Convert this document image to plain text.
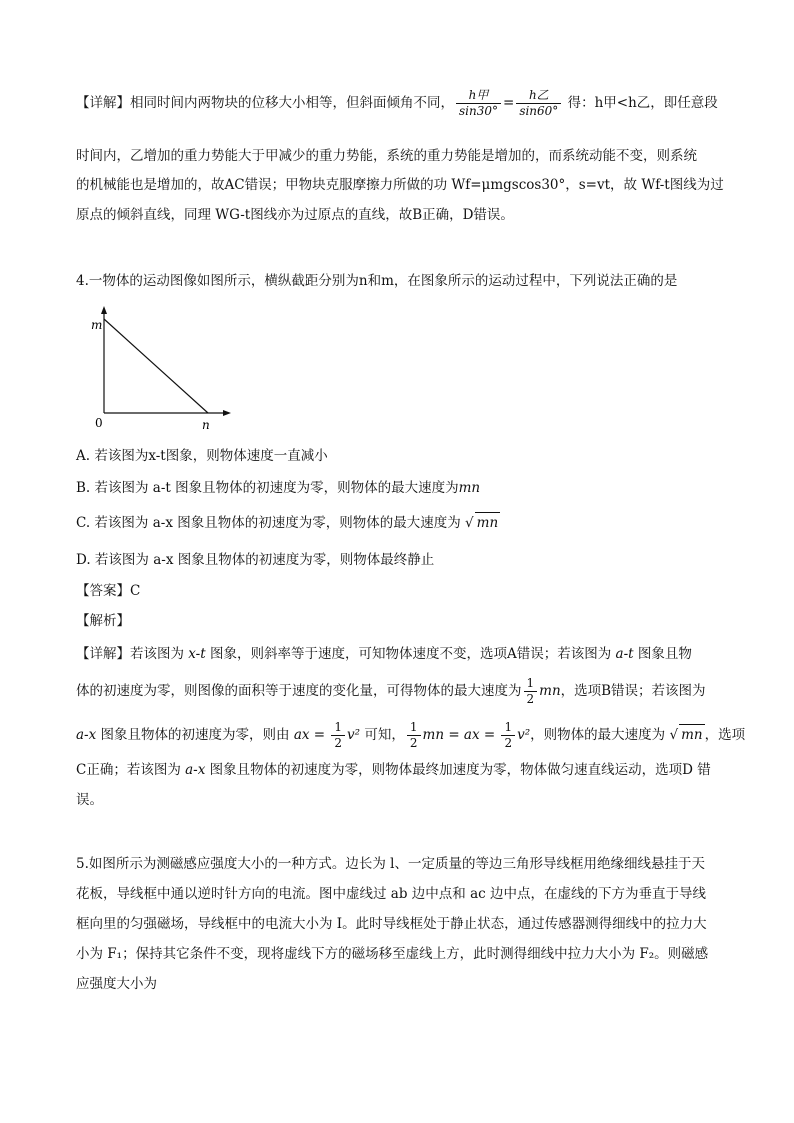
【详解】相同时间内两物块的位移大小相等，但斜面倾角不同， $\frac{\text{h甲}}{\sin 30^\circ} = \frac{\text{h乙}}{\sin 60^\circ}$ 得：h甲<h乙，即任意段
时间内，乙增加的重力势能大于甲减少的重力势能，系统的重力势能是增加的，而系统动能不变，则系统
的机械能也是增加的，故AC错误；甲物块克服摩擦力所做的功 Wf=μmgscos30°，s=vt，故 Wf-t图线为过
原点的倾斜直线，同理 WG-t图线亦为过原点的直线，故B正确，D错误。
4.一物体的运动图像如图所示，横纵截距分别为n和m，在图象所示的运动过程中，下列说法正确的是
m
n
0
A. 若该图为x-t图象，则物体速度一直减小
B. 若该图为 a-t 图象且物体的初速度为零，则物体的最大速度为mn
C. 若该图为 a-x 图象且物体的初速度为零，则物体的最大速度为 √ mn
D. 若该图为 a-x 图象且物体的初速度为零，则物体最终静止
【答案】C
【解析】
【详解】若该图为 x-t 图象，则斜率等于速度，可知物体速度不变，选项A错误；若该图为 a-t 图象且物
体的初速度为零，则图像的面积等于速度的变化量，可得物体的最大速度为 $\frac{1}{2}$ mn，选项B错误；若该图为
a-x 图象且物体的初速度为零，则由 ax = $\frac{1}{2} v^2$ 可知， $\frac{1}{2}$ mn = ax = $\frac{1}{2} v^2$，则物体的最大速度为 √ mn ，选项
C正确；若该图为 a-x 图象且物体的初速度为零，则物体最终加速度为零，物体做匀速直线运动，选项D 错
误。
5.如图所示为测磁感应强度大小的一种方式。边长为 l、一定质量的等边三角形导线框用绝缘细线悬挂于天
花板，导线框中通以逆时针方向的电流。图中虚线过 ab 边中点和 ac 边中点，在虚线的下方为垂直于导线
框向里的匀强磁场，导线框中的电流大小为 I。此时导线框处于静止状态，通过传感器测得细线中的拉力大
小为 F₁；保持其它条件不变，现将虚线下方的磁场移至虚线上方，此时测得细线中拉力大小为 F₂。则磁感
应强度大小为
